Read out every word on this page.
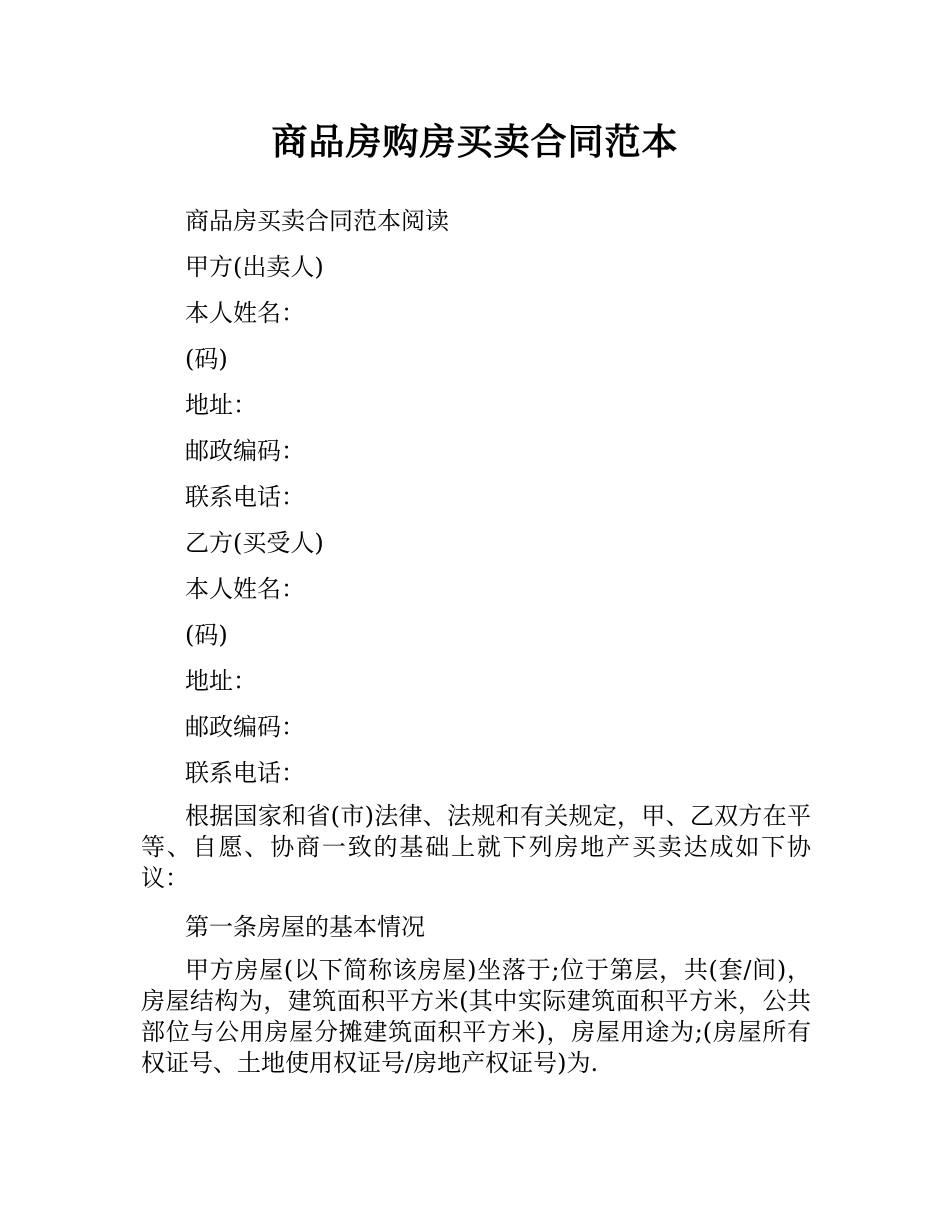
商品房购房买卖合同范本

商品房买卖合同范本阅读

甲方(出卖人)

本人姓名：

(码)

地址：

邮政编码：

联系电话：

乙方(买受人)

本人姓名：

(码)

地址：

邮政编码：

联系电话：

根据国家和省(市)法律、法规和有关规定，甲、乙双方在平等、自愿、协商一致的基础上就下列房地产买卖达成如下协议：

第一条房屋的基本情况

甲方房屋(以下简称该房屋)坐落于;位于第层，共(套/间)，房屋结构为，建筑面积平方米(其中实际建筑面积平方米，公共部位与公用房屋分摊建筑面积平方米)，房屋用途为;(房屋所有权证号、土地使用权证号/房地产权证号)为.
